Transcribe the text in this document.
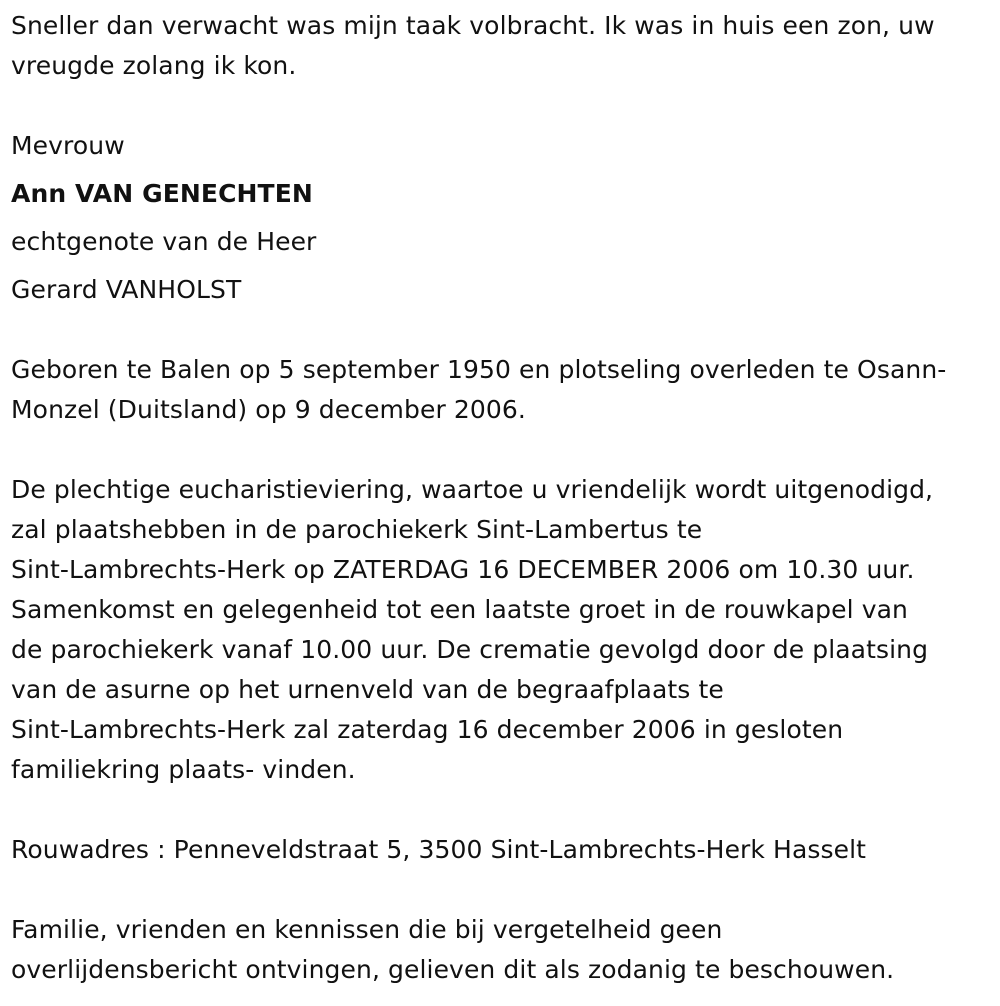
Sneller dan verwacht was mijn taak volbracht. Ik was in huis een zon, uw
vreugde zolang ik kon.
Mevrouw
Ann VAN GENECHTEN
echtgenote van de Heer
Gerard VANHOLST
Geboren te Balen op 5 september 1950 en plotseling overleden te Osann-
Monzel (Duitsland) op 9 december 2006.
De plechtige eucharistieviering, waartoe u vriendelijk wordt uitgenodigd,
zal plaatshebben in de parochiekerk Sint-Lambertus te
Sint-Lambrechts-Herk op ZATERDAG 16 DECEMBER 2006 om 10.30 uur.
Samenkomst en gelegenheid tot een laatste groet in de rouwkapel van
de parochiekerk vanaf 10.00 uur. De crematie gevolgd door de plaatsing
van de asurne op het urnenveld van de begraafplaats te
Sint-Lambrechts-Herk zal zaterdag 16 december 2006 in gesloten
familiekring plaats- vinden.
Rouwadres : Penneveldstraat 5, 3500 Sint-Lambrechts-Herk Hasselt
Familie, vrienden en kennissen die bij vergetelheid geen
overlijdensbericht ontvingen, gelieven dit als zodanig te beschouwen.
